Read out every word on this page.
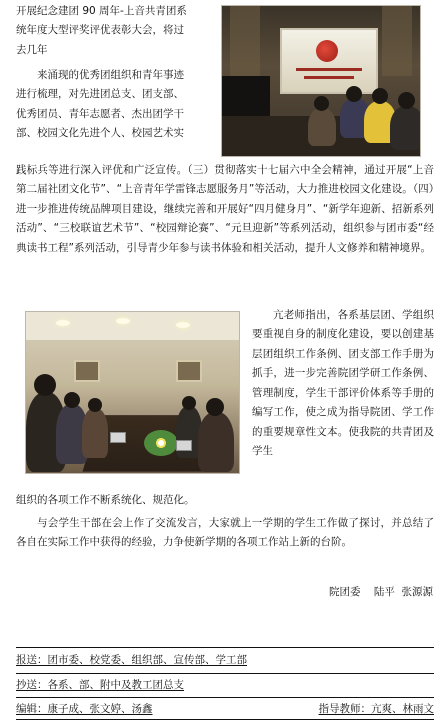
开展纪念建团 90 周年-上音共青团系
统年度大型评奖评优表彰大会，将过
去几年
来涌现的优秀团组织和青年事迹
进行梳理，对先进团总支、团支部、
优秀团员、青年志愿者、杰出团学干
部、校园文化先进个人、校园艺术实

践标兵等进行深入评优和广泛宣传。（三）贯彻落实十七届六中全会精神，通过开展“上音第二届社团文化节”、“上音青年学雷锋志愿服务月”等活动，大力推进校园文化建设。（四）进一步推进传统品牌项目建设，继续完善和开展好“四月健身月”、“新学年迎新、招新系列活动”、“三校联谊艺术节”、“校园辩论赛”、“元旦迎新”等系列活动，组织参与团市委“经典读书工程”系列活动，引导青少年参与读书体验和相关活动，提升人文修养和精神境界。

亢老师指出，各系基层团、学组织要重视自身的制度化建设，要以创建基层团组织工作条例、团支部工作手册为抓手，进一步完善院团学研工作条例、管理制度，学生干部评价体系等手册的编写工作，使之成为指导院团、学工作的重要规章性文本。使我院的共青团及学生

组织的各项工作不断系统化、规范化。

与会学生干部在会上作了交流发言，大家就上一学期的学生工作做了探讨，并总结了各自在实际工作中获得的经验，力争使新学期的各项工作站上新的台阶。

院团委    陆平  张源源
报送：团市委、校党委、组织部、宣传部、学工部
抄送：各系、部、附中及教工团总支
编辑：康子成、张文婷、汤鑫	指导教师：亢爽、林雨文
